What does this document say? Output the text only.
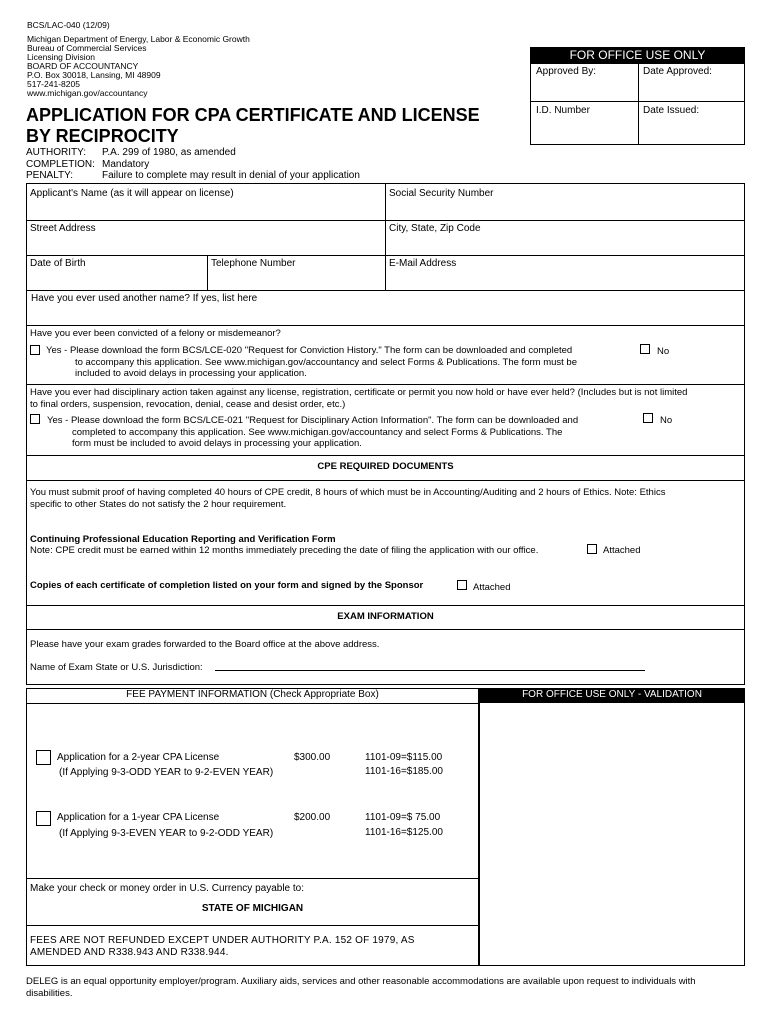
BCS/LAC-040 (12/09)
Michigan Department of Energy, Labor & Economic Growth
Bureau of Commercial Services
Licensing Division
BOARD OF ACCOUNTANCY
P.O. Box 30018, Lansing, MI 48909
517-241-8205
www.michigan.gov/accountancy
APPLICATION FOR CPA CERTIFICATE AND LICENSE
BY RECIPROCITY
FOR OFFICE USE ONLY
Approved By:	Date Approved:
I.D. Number	Date Issued:
AUTHORITY: P.A. 299 of 1980, as amended
COMPLETION: Mandatory
PENALTY:	Failure to complete may result in denial of your application
Applicant's Name (as it will appear on license)	Social Security Number
Street Address	City, State, Zip Code
Date of Birth	Telephone Number	E-Mail Address
Have you ever used another name? If yes, list here
Have you ever been convicted of a felony or misdemeanor?
Yes - Please download the form BCS/LCE-020 "Request for Conviction History." The form can be downloaded and completed
to accompany this application. See www.michigan.gov/accountancy and select Forms & Publications. The form must be
included to avoid delays in processing your application.
No
Have you ever had disciplinary action taken against any license, registration, certificate or permit you now hold or have ever held? (Includes but is not limited
to final orders, suspension, revocation, denial, cease and desist order, etc.)
Yes - Please download the form BCS/LCE-021 "Request for Disciplinary Action Information". The form can be downloaded and
completed to accompany this application. See www.michigan.gov/accountancy and select Forms & Publications. The
form must be included to avoid delays in processing your application.
No
CPE REQUIRED DOCUMENTS
You must submit proof of having completed 40 hours of CPE credit, 8 hours of which must be in Accounting/Auditing and 2 hours of Ethics. Note: Ethics
specific to other States do not satisfy the 2 hour requirement.
Continuing Professional Education Reporting and Verification Form
Note: CPE credit must be earned within 12 months immediately preceding the date of filing the application with our office.	Attached
Copies of each certificate of completion listed on your form and signed by the Sponsor	Attached
EXAM INFORMATION
Please have your exam grades forwarded to the Board office at the above address.
Name of Exam State or U.S. Jurisdiction:
FEE PAYMENT INFORMATION (Check Appropriate Box)	FOR OFFICE USE ONLY - VALIDATION
Application for a 2-year CPA License	$300.00
(If Applying 9-3-ODD YEAR to 9-2-EVEN YEAR)
1101-09=$115.00
1101-16=$185.00
Application for a 1-year CPA License	$200.00
(If Applying 9-3-EVEN YEAR to 9-2-ODD YEAR)
1101-09=$ 75.00
1101-16=$125.00
Make your check or money order in U.S. Currency payable to:
STATE OF MICHIGAN
FEES ARE NOT REFUNDED EXCEPT UNDER AUTHORITY P.A. 152 OF 1979, AS
AMENDED AND R338.943 AND R338.944.
DELEG is an equal opportunity employer/program. Auxiliary aids, services and other reasonable accommodations are available upon request to individuals with
disabilities.
